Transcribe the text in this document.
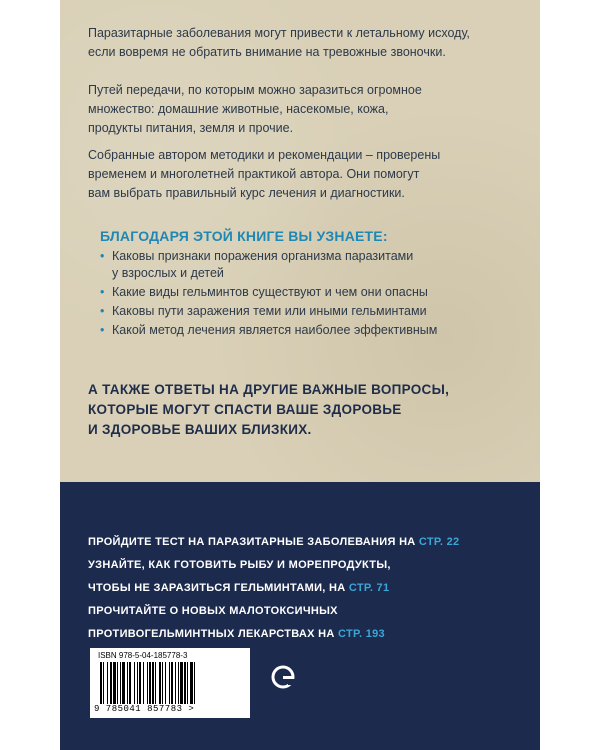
Паразитарные заболевания могут привести к летальному исходу,

если вовремя не обратить внимание на тревожные звоночки.

Путей передачи, по которым можно заразиться огромное

множество: домашние животные, насекомые, кожа,

продукты питания, земля и прочие.

Собранные автором методики и рекомендации – проверены

временем и многолетней практикой автора. Они помогут

вам выбрать правильный курс лечения и диагностики.

БЛАГОДАРЯ ЭТОЙ КНИГЕ ВЫ УЗНАЕТЕ:
• Каковы признаки поражения организма паразитами
у взрослых и детей
• Какие виды гельминтов существуют и чем они опасны
• Каковы пути заражения теми или иными гельминтами
• Какой метод лечения является наиболее эффективным
А ТАКЖЕ ОТВЕТЫ НА ДРУГИЕ ВАЖНЫЕ ВОПРОСЫ,
КОТОРЫЕ МОГУТ СПАСТИ ВАШЕ ЗДОРОВЬЕ
И ЗДОРОВЬЕ ВАШИХ БЛИЗКИХ.
ПРОЙДИТЕ ТЕСТ НА ПАРАЗИТАРНЫЕ ЗАБОЛЕВАНИЯ НА СТР. 22
УЗНАЙТЕ, КАК ГОТОВИТЬ РЫБУ И МОРЕПРОДУКТЫ,
ЧТОБЫ НЕ ЗАРАЗИТЬСЯ ГЕЛЬМИНТАМИ, НА СТР. 71
ПРОЧИТАЙТЕ О НОВЫХ МАЛОТОКСИЧНЫХ
ПРОТИВОГЕЛЬМИНТНЫХ ЛЕКАРСТВАХ НА СТР. 193
ISBN 978-5-04-185778-3
9 785041 857783 >
